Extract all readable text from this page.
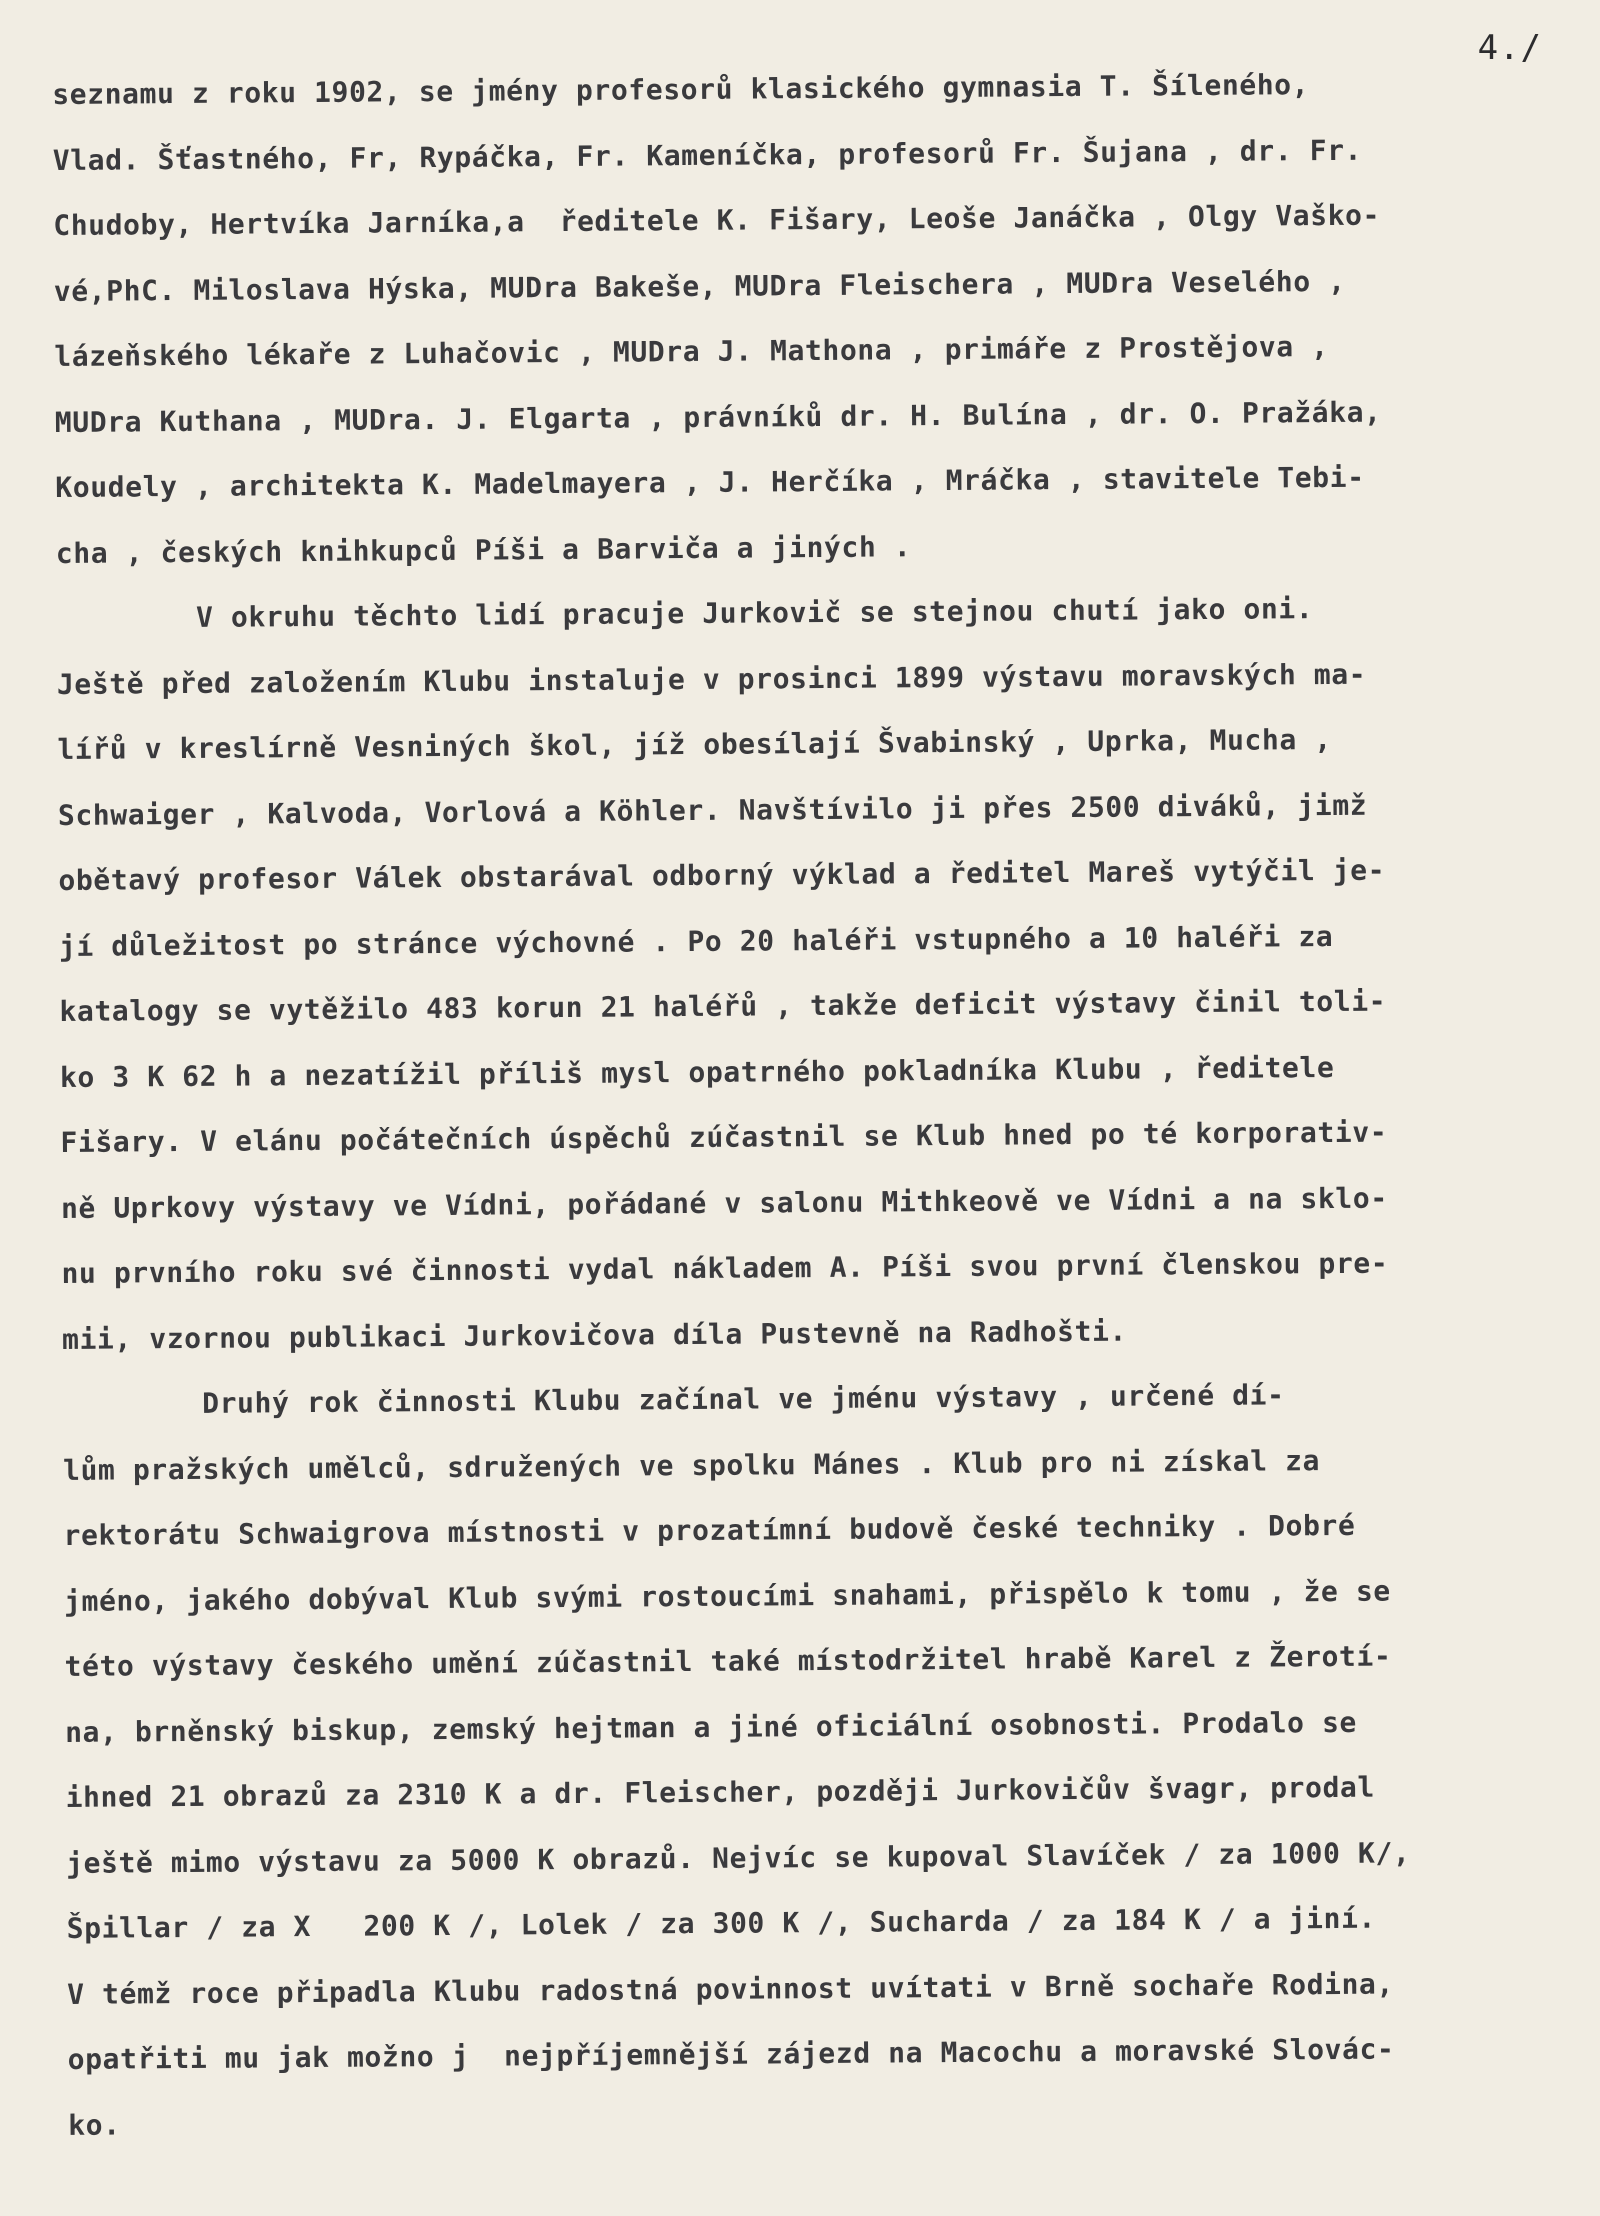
4./
seznamu z roku 1902, se jmény profesorů klasického gymnasia T. Šíleného,
Vlad. Šťastného, Fr, Rypáčka, Fr. Kameníčka, profesorů Fr. Šujana , dr. Fr.
Chudoby, Hertvíka Jarníka,a  ředitele K. Fišary, Leoše Janáčka , Olgy Vaško-
vé,PhC. Miloslava Hýska, MUDra Bakeše, MUDra Fleischera , MUDra Veselého ,
lázeňského lékaře z Luhačovic , MUDra J. Mathona , primáře z Prostějova ,
MUDra Kuthana , MUDra. J. Elgarta , právníků dr. H. Bulína , dr. O. Pražáka,
Koudely , architekta K. Madelmayera , J. Herčíka , Mráčka , stavitele Tebi-
cha , českých knihkupců Píši a Barviča a jiných .
V okruhu těchto lidí pracuje Jurkovič se stejnou chutí jako oni.
Ještě před založením Klubu instaluje v prosinci 1899 výstavu moravských ma-
lířů v kreslírně Vesniných škol, jíž obesílají Švabinský , Uprka, Mucha ,
Schwaiger , Kalvoda, Vorlová a Köhler. Navštívilo ji přes 2500 diváků, jimž
obětavý profesor Válek obstarával odborný výklad a ředitel Mareš vytýčil je-
jí důležitost po stránce výchovné . Po 20 haléři vstupného a 10 haléři za
katalogy se vytěžilo 483 korun 21 haléřů , takže deficit výstavy činil toli-
ko 3 K 62 h a nezatížil příliš mysl opatrného pokladníka Klubu , ředitele
Fišary. V elánu počátečních úspěchů zúčastnil se Klub hned po té korporativ-
ně Uprkovy výstavy ve Vídni, pořádané v salonu Mithkeově ve Vídni a na sklo-
nu prvního roku své činnosti vydal nákladem A. Píši svou první členskou pre-
mii, vzornou publikaci Jurkovičova díla Pustevně na Radhošti.
Druhý rok činnosti Klubu začínal ve jménu výstavy , určené dí-
lům pražských umělců, sdružených ve spolku Mánes . Klub pro ni získal za
rektorátu Schwaigrova místnosti v prozatímní budově české techniky . Dobré
jméno, jakého dobýval Klub svými rostoucími snahami, přispělo k tomu , že se
této výstavy českého umění zúčastnil také místodržitel hrabě Karel z Žerotí-
na, brněnský biskup, zemský hejtman a jiné oficiální osobnosti. Prodalo se
ihned 21 obrazů za 2310 K a dr. Fleischer, později Jurkovičův švagr, prodal
ještě mimo výstavu za 5000 K obrazů. Nejvíc se kupoval Slavíček / za 1000 K/,
Špillar / za X   200 K /, Lolek / za 300 K /, Sucharda / za 184 K / a jiní.
V témž roce připadla Klubu radostná povinnost uvítati v Brně sochaře Rodina,
opatřiti mu jak možno j  nejpříjemnější zájezd na Macochu a moravské Slovác-
ko.
